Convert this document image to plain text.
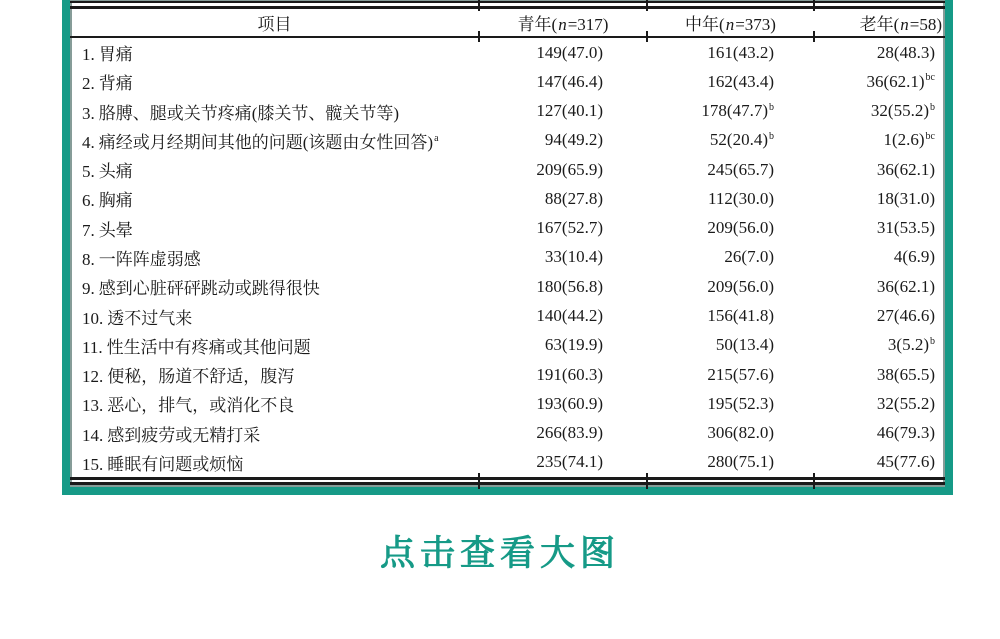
项目	青年(n=317)	中年(n=373)	老年(n=58)
1. 胃痛	149(47.0)	161(43.2)	28(48.3)
2. 背痛	147(46.4)	162(43.4)	$36(62.1)^{bc}$
3. 胳膊、腿或关节疼痛(膝关节、髋关节等)	127(40.1)	$178(47.7)^b$	$32(55.2)^b$
4. 痛经或月经期间其他的问题(该题由女性回答)$^a$	94(49.2)	$52(20.4)^b$	$1(2.6)^{bc}$
5. 头痛	209(65.9)	245(65.7)	36(62.1)
6. 胸痛	88(27.8)	112(30.0)	18(31.0)
7. 头晕	167(52.7)	209(56.0)	31(53.5)
8. 一阵阵虚弱感	33(10.4)	26(7.0)	4(6.9)
9. 感到心脏砰砰跳动或跳得很快	180(56.8)	209(56.0)	36(62.1)
10. 透不过气来	140(44.2)	156(41.8)	27(46.6)
11. 性生活中有疼痛或其他问题	63(19.9)	50(13.4)	$3(5.2)^b$
12. 便秘，肠道不舒适，腹泻	191(60.3)	215(57.6)	38(65.5)
13. 恶心，排气，或消化不良	193(60.9)	195(52.3)	32(55.2)
14. 感到疲劳或无精打采	266(83.9)	306(82.0)	46(79.3)
15. 睡眠有问题或烦恼	235(74.1)	280(75.1)	45(77.6)
点击查看大图
